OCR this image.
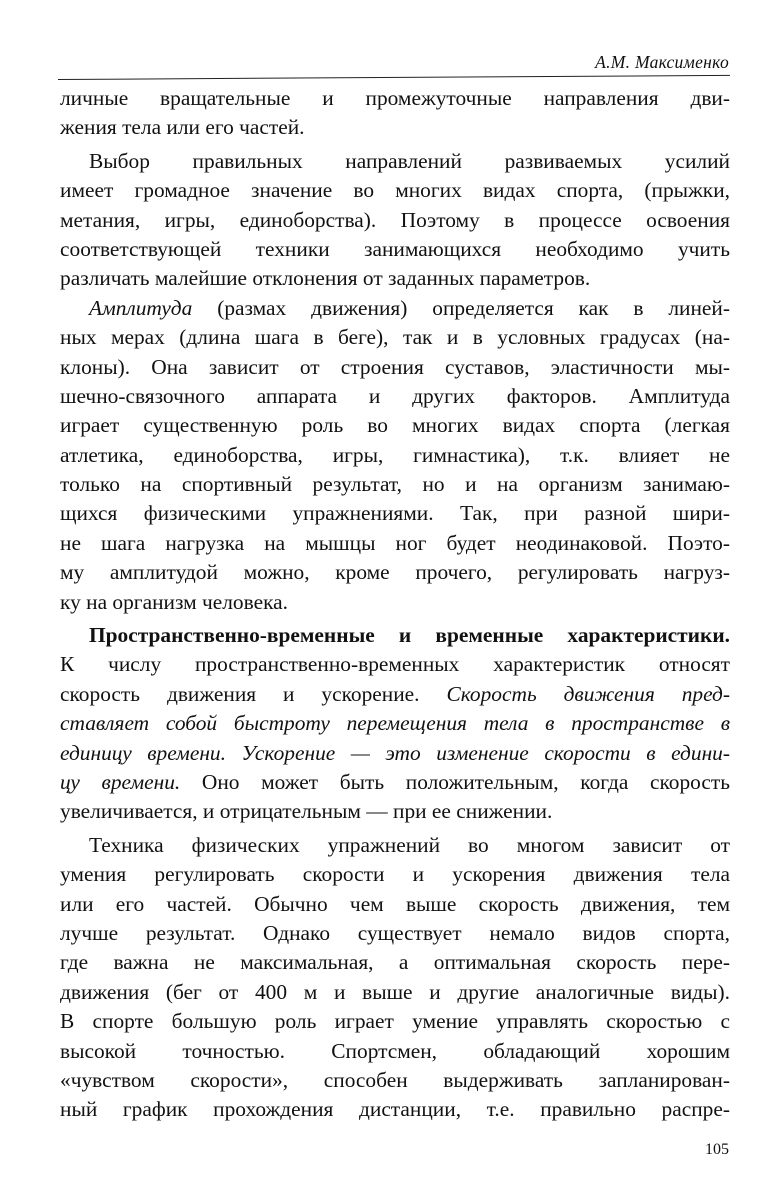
А.М. Максименко
личные вращательные и промежуточные направления дви-
жения тела или его частей.
Выбор правильных направлений развиваемых усилий
имеет громадное значение во многих видах спорта, (прыжки,
метания, игры, единоборства). Поэтому в процессе освоения
соответствующей техники занимающихся необходимо учить
различать малейшие отклонения от заданных параметров.
Амплитуда (размах движения) определяется как в линей-
ных мерах (длина шага в беге), так и в условных градусах (на-
клоны). Она зависит от строения суставов, эластичности мы-
шечно-связочного аппарата и других факторов. Амплитуда
играет существенную роль во многих видах спорта (легкая
атлетика, единоборства, игры, гимнастика), т.к. влияет не
только на спортивный результат, но и на организм занимаю-
щихся физическими упражнениями. Так, при разной шири-
не шага нагрузка на мышцы ног будет неодинаковой. Поэто-
му амплитудой можно, кроме прочего, регулировать нагруз-
ку на организм человека.
Пространственно-временные и временные характеристики.
К числу пространственно-временных характеристик относят
скорость движения и ускорение. Скорость движения пред-
ставляет собой быстроту перемещения тела в пространстве в
единицу времени. Ускорение — это изменение скорости в едини-
цу времени. Оно может быть положительным, когда скорость
увеличивается, и отрицательным — при ее снижении.
Техника физических упражнений во многом зависит от
умения регулировать скорости и ускорения движения тела
или его частей. Обычно чем выше скорость движения, тем
лучше результат. Однако существует немало видов спорта,
где важна не максимальная, а оптимальная скорость пере-
движения (бег от 400 м и выше и другие аналогичные виды).
В спорте большую роль играет умение управлять скоростью с
высокой точностью. Спортсмен, обладающий хорошим
«чувством скорости», способен выдерживать запланирован-
ный график прохождения дистанции, т.е. правильно распре-
105
